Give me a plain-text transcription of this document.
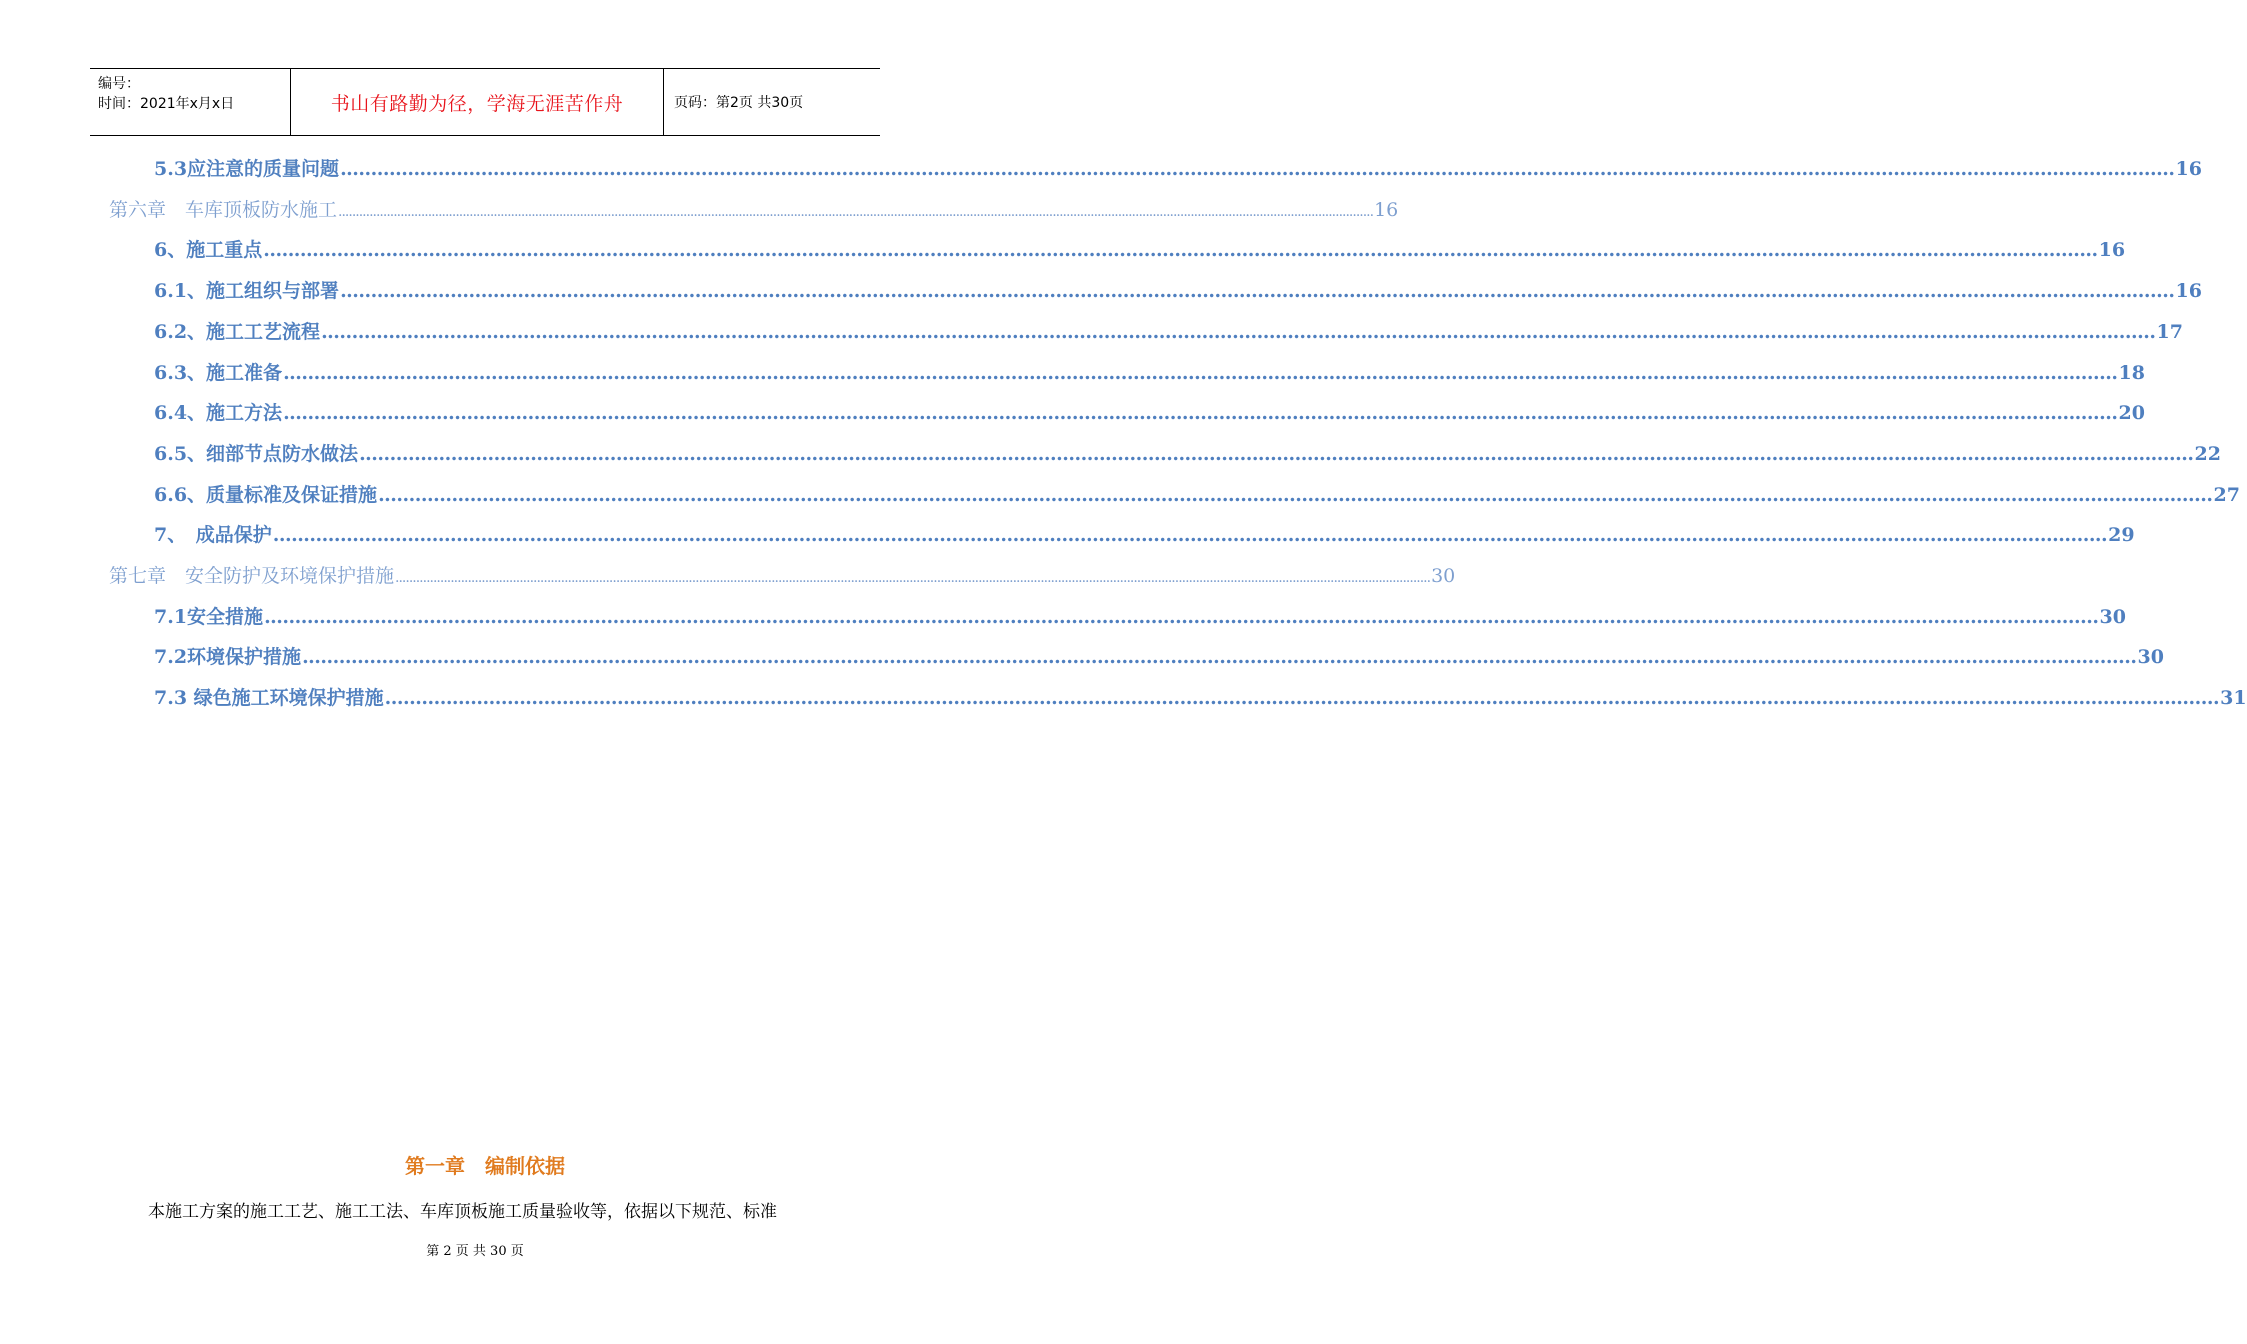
编号：
时间：2021年x月x日	书山有路勤为径，学海无涯苦作舟	页码：第2页 共30页
5.3应注意的质量问题 ............................................................................................................................................................................................................................................................................................................ 16
第六章　车库顶板防水施工 ............................................................................................................................................................................................................................................................................................................ 16
6、施工重点 ............................................................................................................................................................................................................................................................................................................ 16
6.1、施工组织与部署 ............................................................................................................................................................................................................................................................................................................ 16
6.2、施工工艺流程 ............................................................................................................................................................................................................................................................................................................ 17
6.3、施工准备 ............................................................................................................................................................................................................................................................................................................ 18
6.4、施工方法 ............................................................................................................................................................................................................................................................................................................ 20
6.5、细部节点防水做法 ............................................................................................................................................................................................................................................................................................................ 22
6.6、质量标准及保证措施 ............................................................................................................................................................................................................................................................................................................ 27
7、　成品保护 ............................................................................................................................................................................................................................................................................................................ 29
第七章　安全防护及环境保护措施 ............................................................................................................................................................................................................................................................................................................ 30
7.1安全措施 ............................................................................................................................................................................................................................................................................................................ 30
7.2环境保护措施 ............................................................................................................................................................................................................................................................................................................ 30
7.3 绿色施工环境保护措施 ............................................................................................................................................................................................................................................................................................................ 31
第一章　编制依据
本施工方案的施工工艺、施工工法、车库顶板施工质量验收等，依据以下规范、标准
第 2 页 共 30 页
